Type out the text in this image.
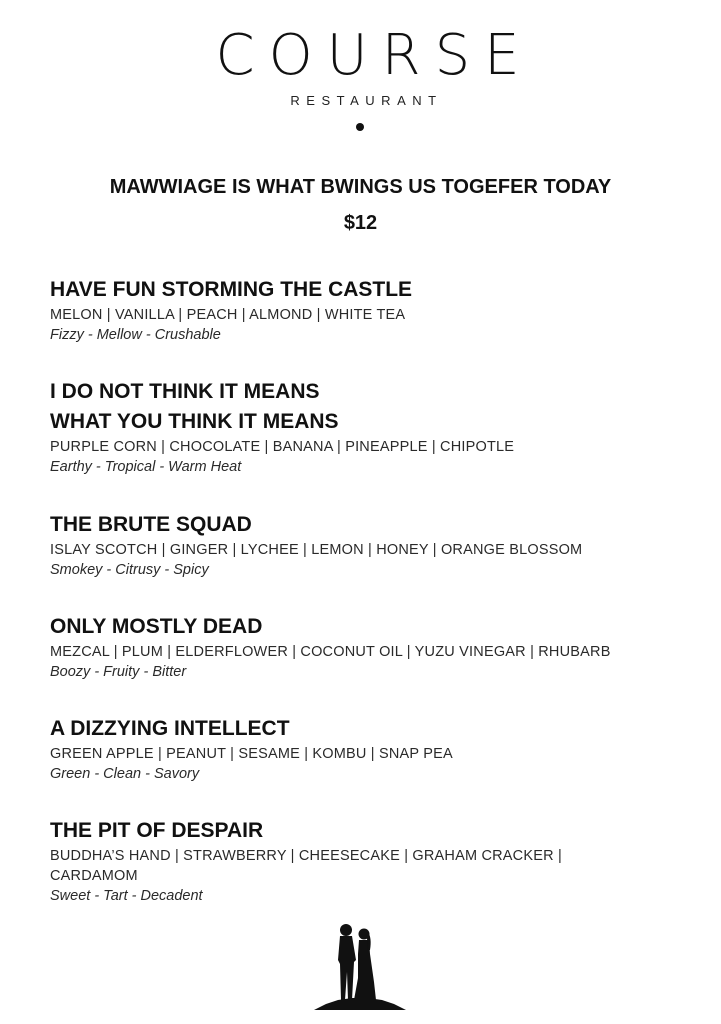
COURSE
RESTAURANT
MAWWIAGE IS WHAT BWINGS US TOGEFER TODAY
$12
HAVE FUN STORMING THE CASTLE
MELON | VANILLA | PEACH | ALMOND | WHITE TEA
Fizzy - Mellow - Crushable
I DO NOT THINK IT MEANS
WHAT YOU THINK IT MEANS
PURPLE CORN | CHOCOLATE | BANANA | PINEAPPLE | CHIPOTLE
Earthy - Tropical - Warm Heat
THE BRUTE SQUAD
ISLAY SCOTCH | GINGER | LYCHEE | LEMON | HONEY | ORANGE BLOSSOM
Smokey - Citrusy - Spicy
ONLY MOSTLY DEAD
MEZCAL | PLUM | ELDERFLOWER | COCONUT OIL | YUZU VINEGAR | RHUBARB
Boozy - Fruity - Bitter
A DIZZYING INTELLECT
GREEN APPLE | PEANUT | SESAME | KOMBU | SNAP PEA
Green - Clean - Savory
THE PIT OF DESPAIR
BUDDHA’S HAND | STRAWBERRY | CHEESECAKE | GRAHAM CRACKER |
CARDAMOM
Sweet - Tart - Decadent
